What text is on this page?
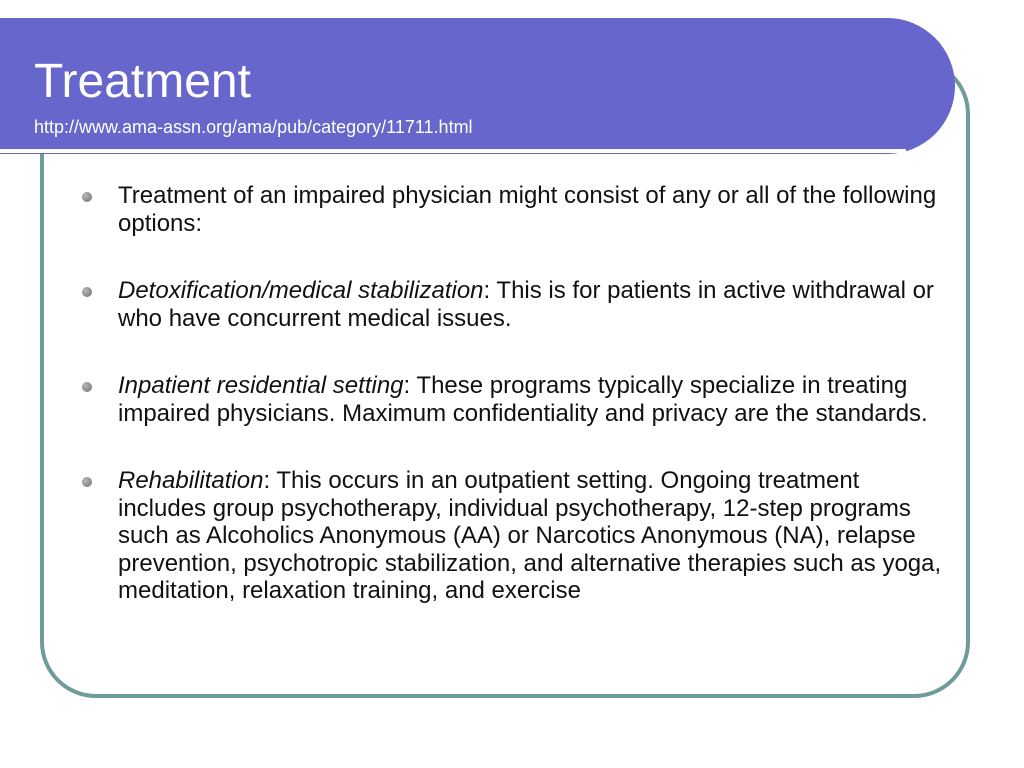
Treatment
http://www.ama-assn.org/ama/pub/category/11711.html
Treatment of an impaired physician might consist of any or all of the following options:
Detoxification/medical stabilization: This is for patients in active withdrawal or who have concurrent medical issues.
Inpatient residential setting: These programs typically specialize in treating impaired physicians. Maximum confidentiality and privacy are the standards.
Rehabilitation: This occurs in an outpatient setting. Ongoing treatment includes group psychotherapy, individual psychotherapy, 12-step programs such as Alcoholics Anonymous (AA) or Narcotics Anonymous (NA), relapse prevention, psychotropic stabilization, and alternative therapies such as yoga, meditation, relaxation training, and exercise
